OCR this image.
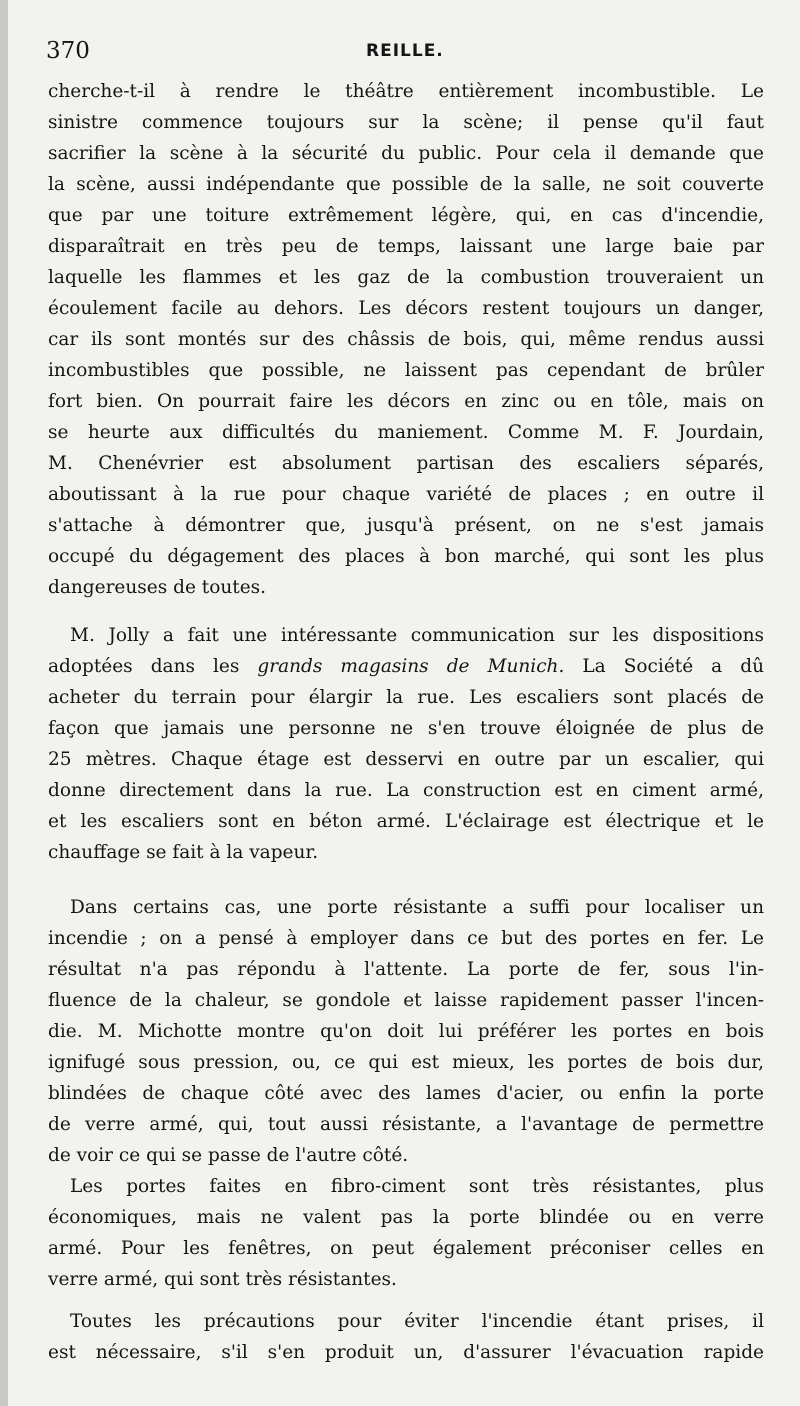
370	REILLE.
cherche-t-il à rendre le théâtre entièrement incombustible. Le
sinistre commence toujours sur la scène; il pense qu'il faut
sacrifier la scène à la sécurité du public. Pour cela il demande que
la scène, aussi indépendante que possible de la salle, ne soit couverte
que par une toiture extrêmement légère, qui, en cas d'incendie,
disparaîtrait en très peu de temps, laissant une large baie par
laquelle les flammes et les gaz de la combustion trouveraient un
écoulement facile au dehors. Les décors restent toujours un danger,
car ils sont montés sur des châssis de bois, qui, même rendus aussi
incombustibles que possible, ne laissent pas cependant de brûler
fort bien. On pourrait faire les décors en zinc ou en tôle, mais on
se heurte aux difficultés du maniement. Comme M. F. Jourdain,
M. Chenévrier est absolument partisan des escaliers séparés,
aboutissant à la rue pour chaque variété de places ; en outre il
s'attache à démontrer que, jusqu'à présent, on ne s'est jamais
occupé du dégagement des places à bon marché, qui sont les plus
dangereuses de toutes.
M. Jolly a fait une intéressante communication sur les dispositions
adoptées dans les grands magasins de Munich. La Société a dû
acheter du terrain pour élargir la rue. Les escaliers sont placés de
façon que jamais une personne ne s'en trouve éloignée de plus de
25 mètres. Chaque étage est desservi en outre par un escalier, qui
donne directement dans la rue. La construction est en ciment armé,
et les escaliers sont en béton armé. L'éclairage est électrique et le
chauffage se fait à la vapeur.
Dans certains cas, une porte résistante a suffi pour localiser un
incendie ; on a pensé à employer dans ce but des portes en fer. Le
résultat n'a pas répondu à l'attente. La porte de fer, sous l'in-
fluence de la chaleur, se gondole et laisse rapidement passer l'incen-
die. M. Michotte montre qu'on doit lui préférer les portes en bois
ignifugé sous pression, ou, ce qui est mieux, les portes de bois dur,
blindées de chaque côté avec des lames d'acier, ou enfin la porte
de verre armé, qui, tout aussi résistante, a l'avantage de permettre
de voir ce qui se passe de l'autre côté.
Les portes faites en fibro-ciment sont très résistantes, plus
économiques, mais ne valent pas la porte blindée ou en verre
armé. Pour les fenêtres, on peut également préconiser celles en
verre armé, qui sont très résistantes.
Toutes les précautions pour éviter l'incendie étant prises, il
est nécessaire, s'il s'en produit un, d'assurer l'évacuation rapide
